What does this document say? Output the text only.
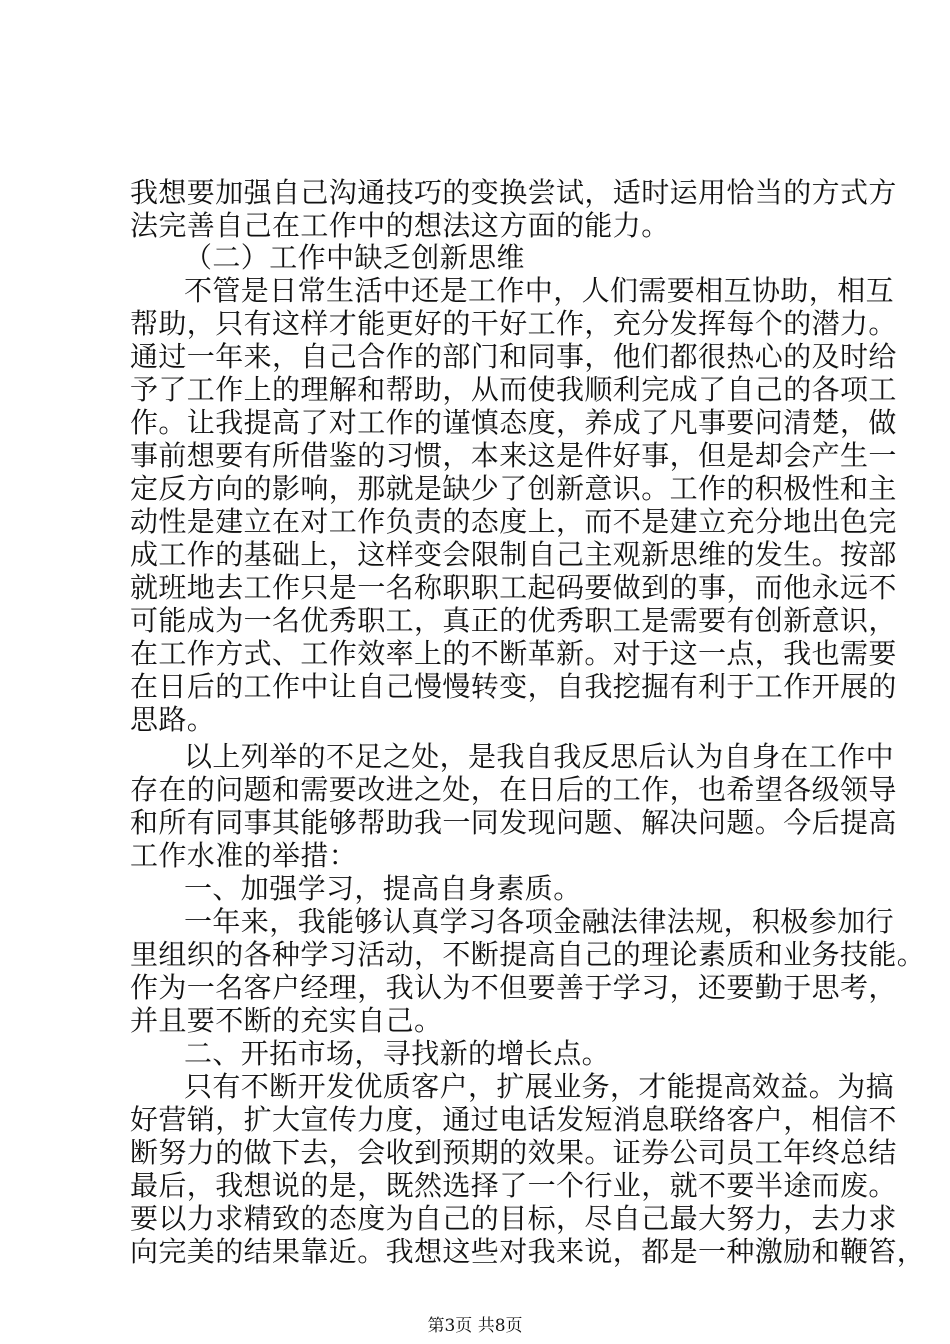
我想要加强自己沟通技巧的变换尝试，适时运用恰当的方式方
法完善自己在工作中的想法这方面的能力。
（二）工作中缺乏创新思维
不管是日常生活中还是工作中，人们需要相互协助，相互
帮助，只有这样才能更好的干好工作，充分发挥每个的潜力。
通过一年来，自己合作的部门和同事，他们都很热心的及时给
予了工作上的理解和帮助，从而使我顺利完成了自己的各项工
作。让我提高了对工作的谨慎态度，养成了凡事要问清楚，做
事前想要有所借鉴的习惯，本来这是件好事，但是却会产生一
定反方向的影响，那就是缺少了创新意识。工作的积极性和主
动性是建立在对工作负责的态度上，而不是建立充分地出色完
成工作的基础上，这样变会限制自己主观新思维的发生。按部
就班地去工作只是一名称职职工起码要做到的事，而他永远不
可能成为一名优秀职工，真正的优秀职工是需要有创新意识，
在工作方式、工作效率上的不断革新。对于这一点，我也需要
在日后的工作中让自己慢慢转变，自我挖掘有利于工作开展的
思路。
以上列举的不足之处，是我自我反思后认为自身在工作中
存在的问题和需要改进之处，在日后的工作，也希望各级领导
和所有同事其能够帮助我一同发现问题、解决问题。今后提高
工作水准的举措：
一、加强学习，提高自身素质。
一年来，我能够认真学习各项金融法律法规，积极参加行
里组织的各种学习活动，不断提高自己的理论素质和业务技能。
作为一名客户经理，我认为不但要善于学习，还要勤于思考，
并且要不断的充实自己。
二、开拓市场，寻找新的增长点。
只有不断开发优质客户，扩展业务，才能提高效益。为搞
好营销，扩大宣传力度，通过电话发短消息联络客户，相信不
断努力的做下去，会收到预期的效果。证券公司员工年终总结
最后，我想说的是，既然选择了一个行业，就不要半途而废。
要以力求精致的态度为自己的目标，尽自己最大努力，去力求
向完美的结果靠近。我想这些对我来说，都是一种激励和鞭笞，
第3页 共8页
